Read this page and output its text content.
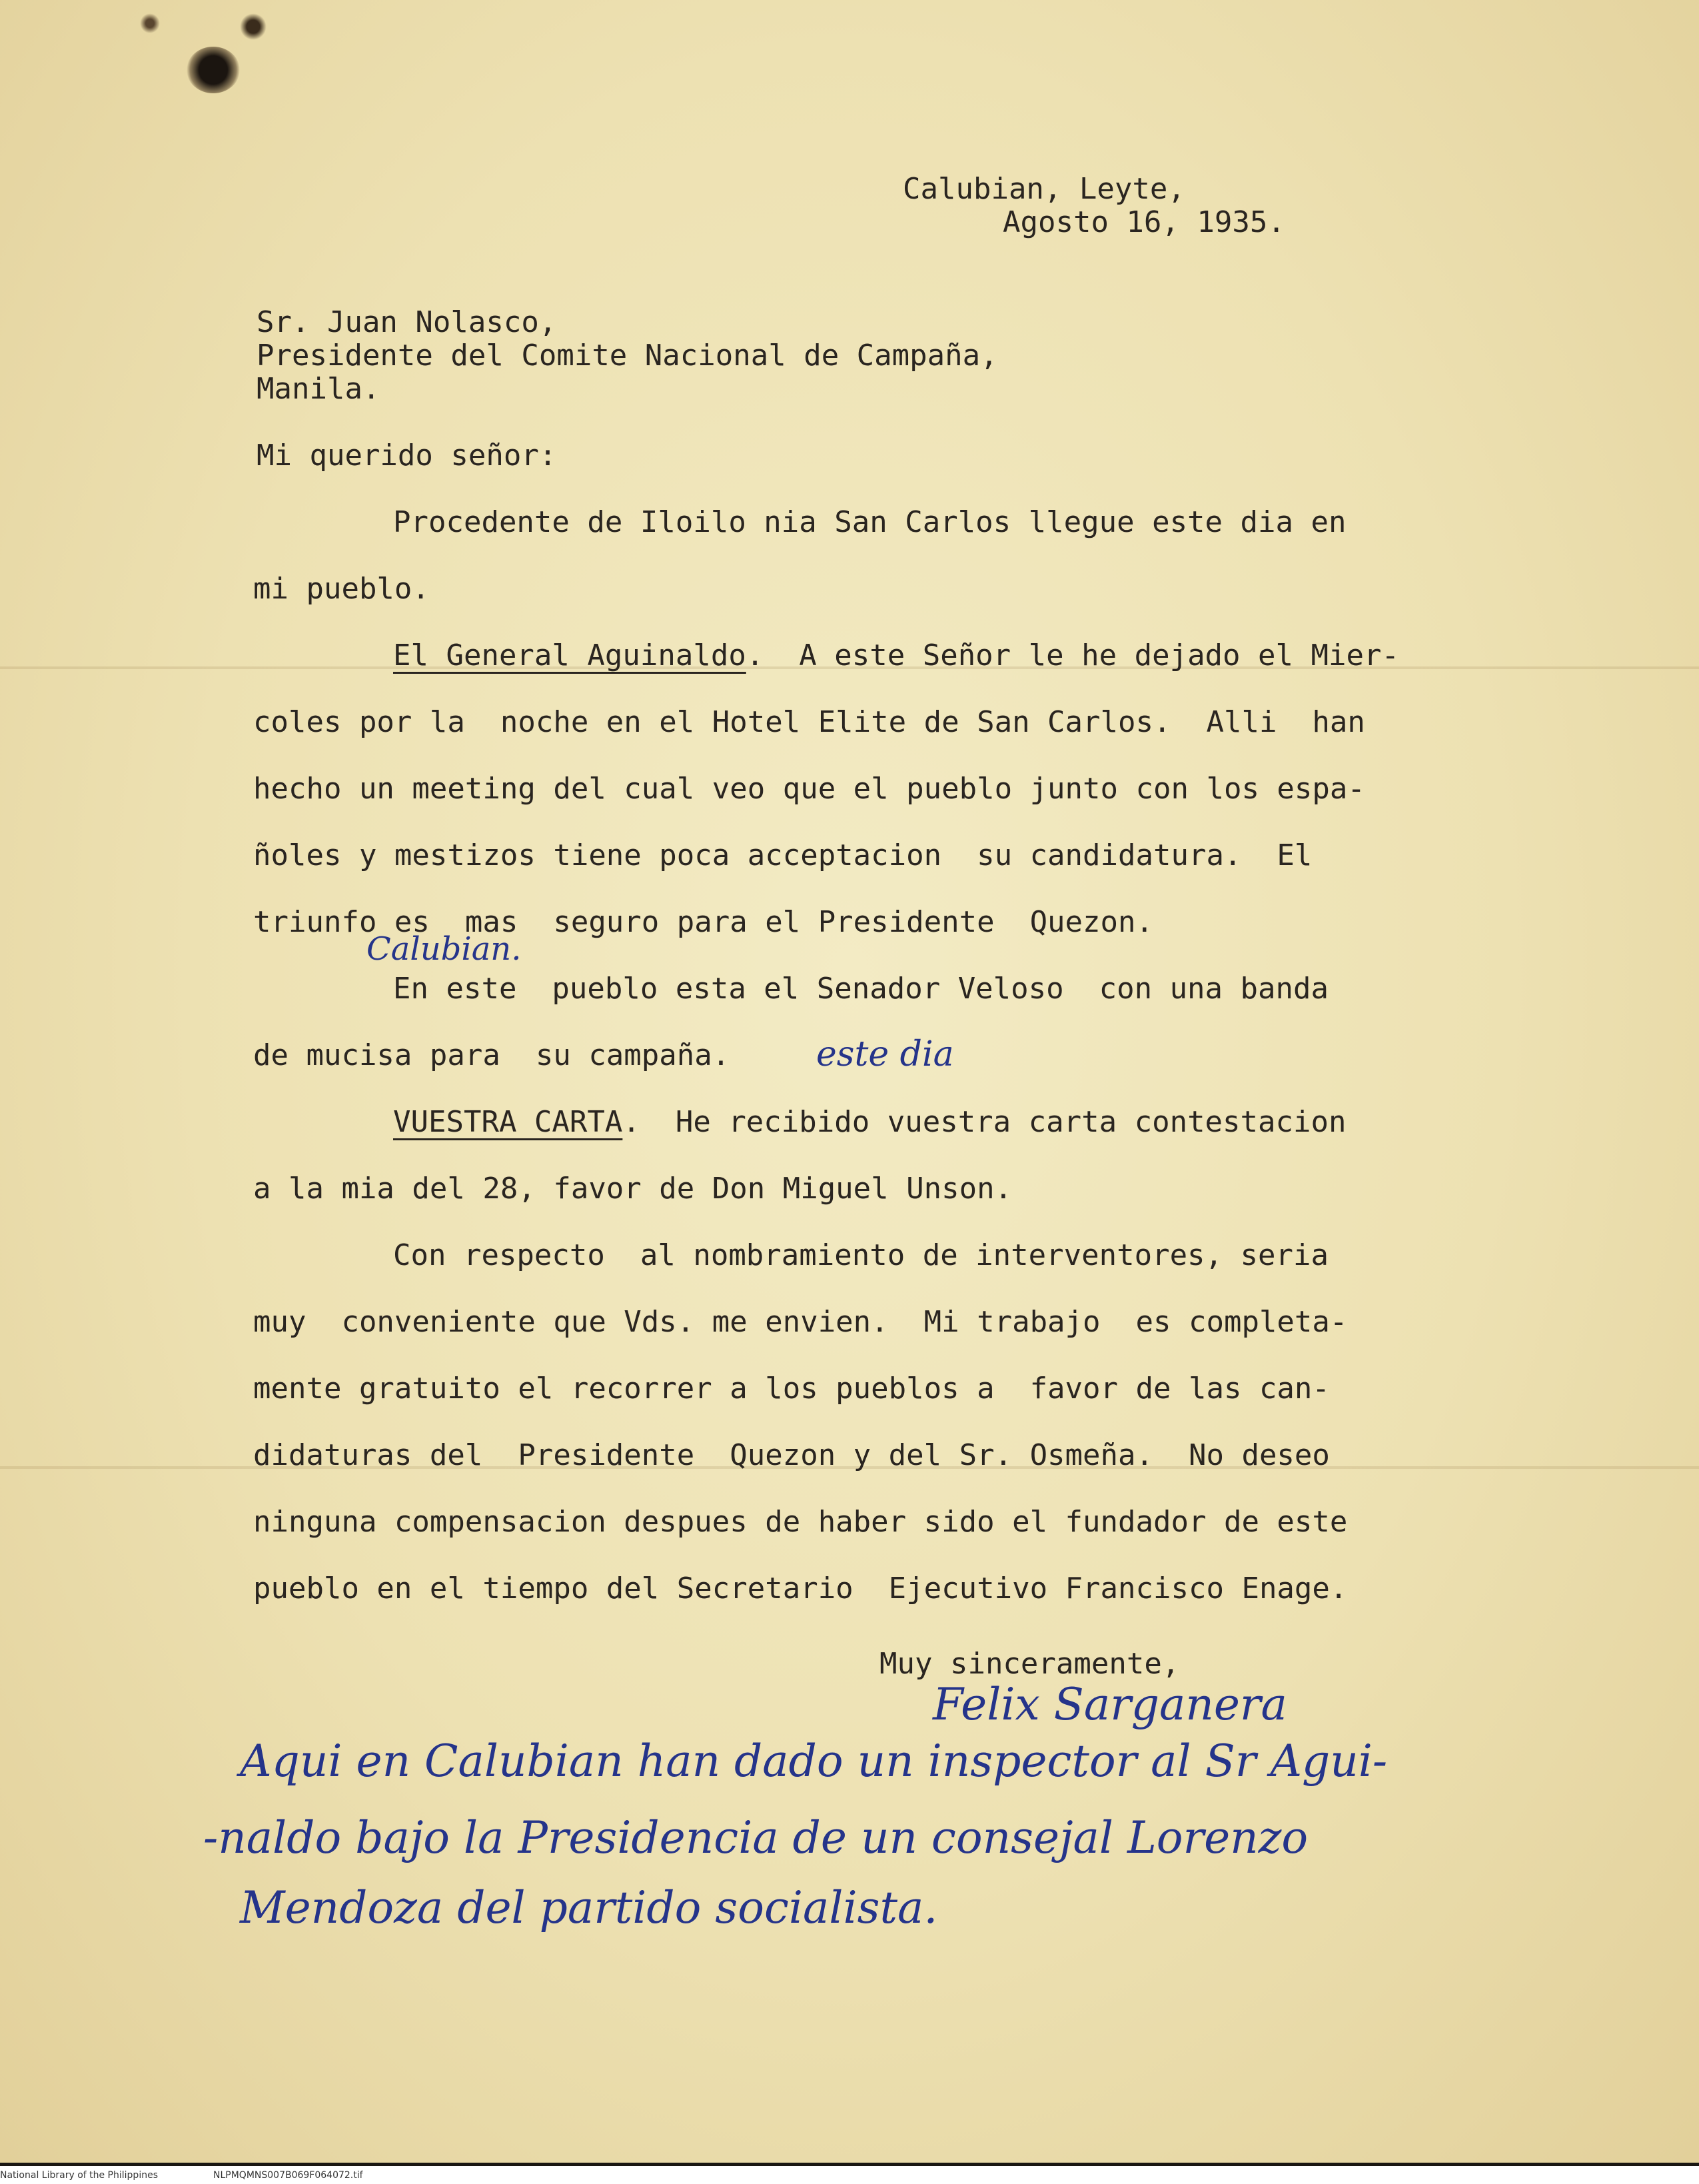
Calubian, Leyte,
Agosto 16, 1935.
Sr. Juan Nolasco,
Presidente del Comite Nacional de Campaña,
Manila.
Mi querido señor:
Procedente de Iloilo nia San Carlos llegue este dia en
mi pueblo.
El General Aguinaldo.  A este Señor le he dejado el Mier-
coles por la  noche en el Hotel Elite de San Carlos.  Alli  han
hecho un meeting del cual veo que el pueblo junto con los espa-
ñoles y mestizos tiene poca acceptacion  su candidatura.  El
triunfo es  mas  seguro para el Presidente  Quezon.
Calubian.
En este  pueblo esta el Senador Veloso  con una banda
de mucisa para  su campaña. este dia
VUESTRA CARTA.  He recibido vuestra carta contestacion
a la mia del 28, favor de Don Miguel Unson.
Con respecto  al nombramiento de interventores, seria
muy  conveniente que Vds. me envien.  Mi trabajo  es completa-
mente gratuito el recorrer a los pueblos a  favor de las can-
didaturas del  Presidente  Quezon y del Sr. Osmeña.  No deseo
ninguna compensacion despues de haber sido el fundador de este
pueblo en el tiempo del Secretario  Ejecutivo Francisco Enage.
Muy sinceramente,
Felix Sarganera
Aqui en Calubian han dado un inspector al Sr Agui-
-naldo bajo la Presidencia de un consejal Lorenzo
Mendoza del partido socialista.
National Library of the Philippines	NLPMQMNS007B069F064072.tif
